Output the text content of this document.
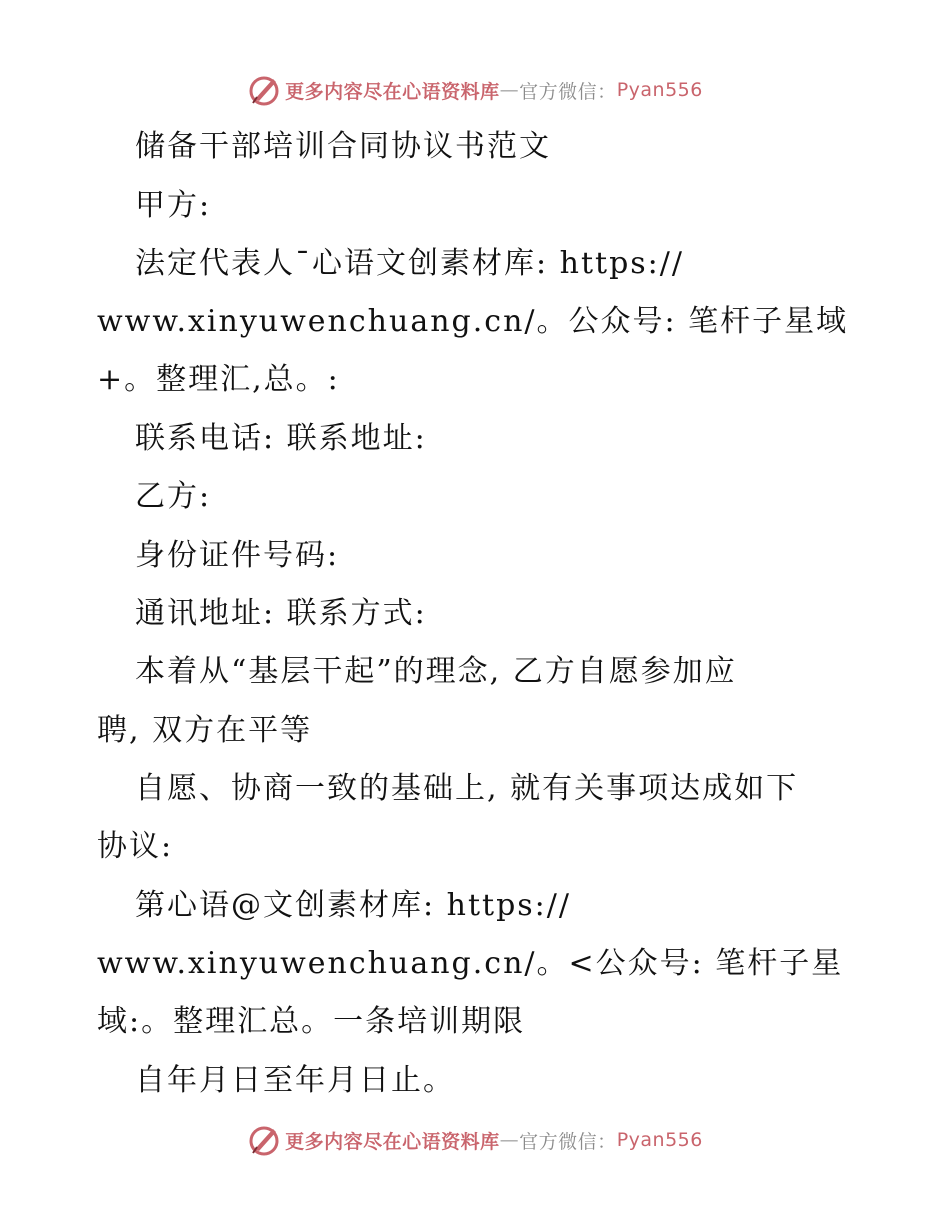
更多内容尽在心语资料库 — 官方微信： Pyan556
储备干部培训合同协议书范文
甲方:
法定代表人¯心语文创素材库: https://
www.xinyuwenchuang.cn/。公众号: 笔杆子星域
+。整理汇,总。:
联系电话: 联系地址:
乙方:
身份证件号码:
通讯地址: 联系方式:
本着从“基层干起”的理念, 乙方自愿参加应
聘, 双方在平等
自愿、协商一致的基础上, 就有关事项达成如下
协议:
第心语@文创素材库: https://
www.xinyuwenchuang.cn/。<公众号: 笔杆子星
域:。整理汇总。一条培训期限
自年月日至年月日止。
更多内容尽在心语资料库 — 官方微信： Pyan556
